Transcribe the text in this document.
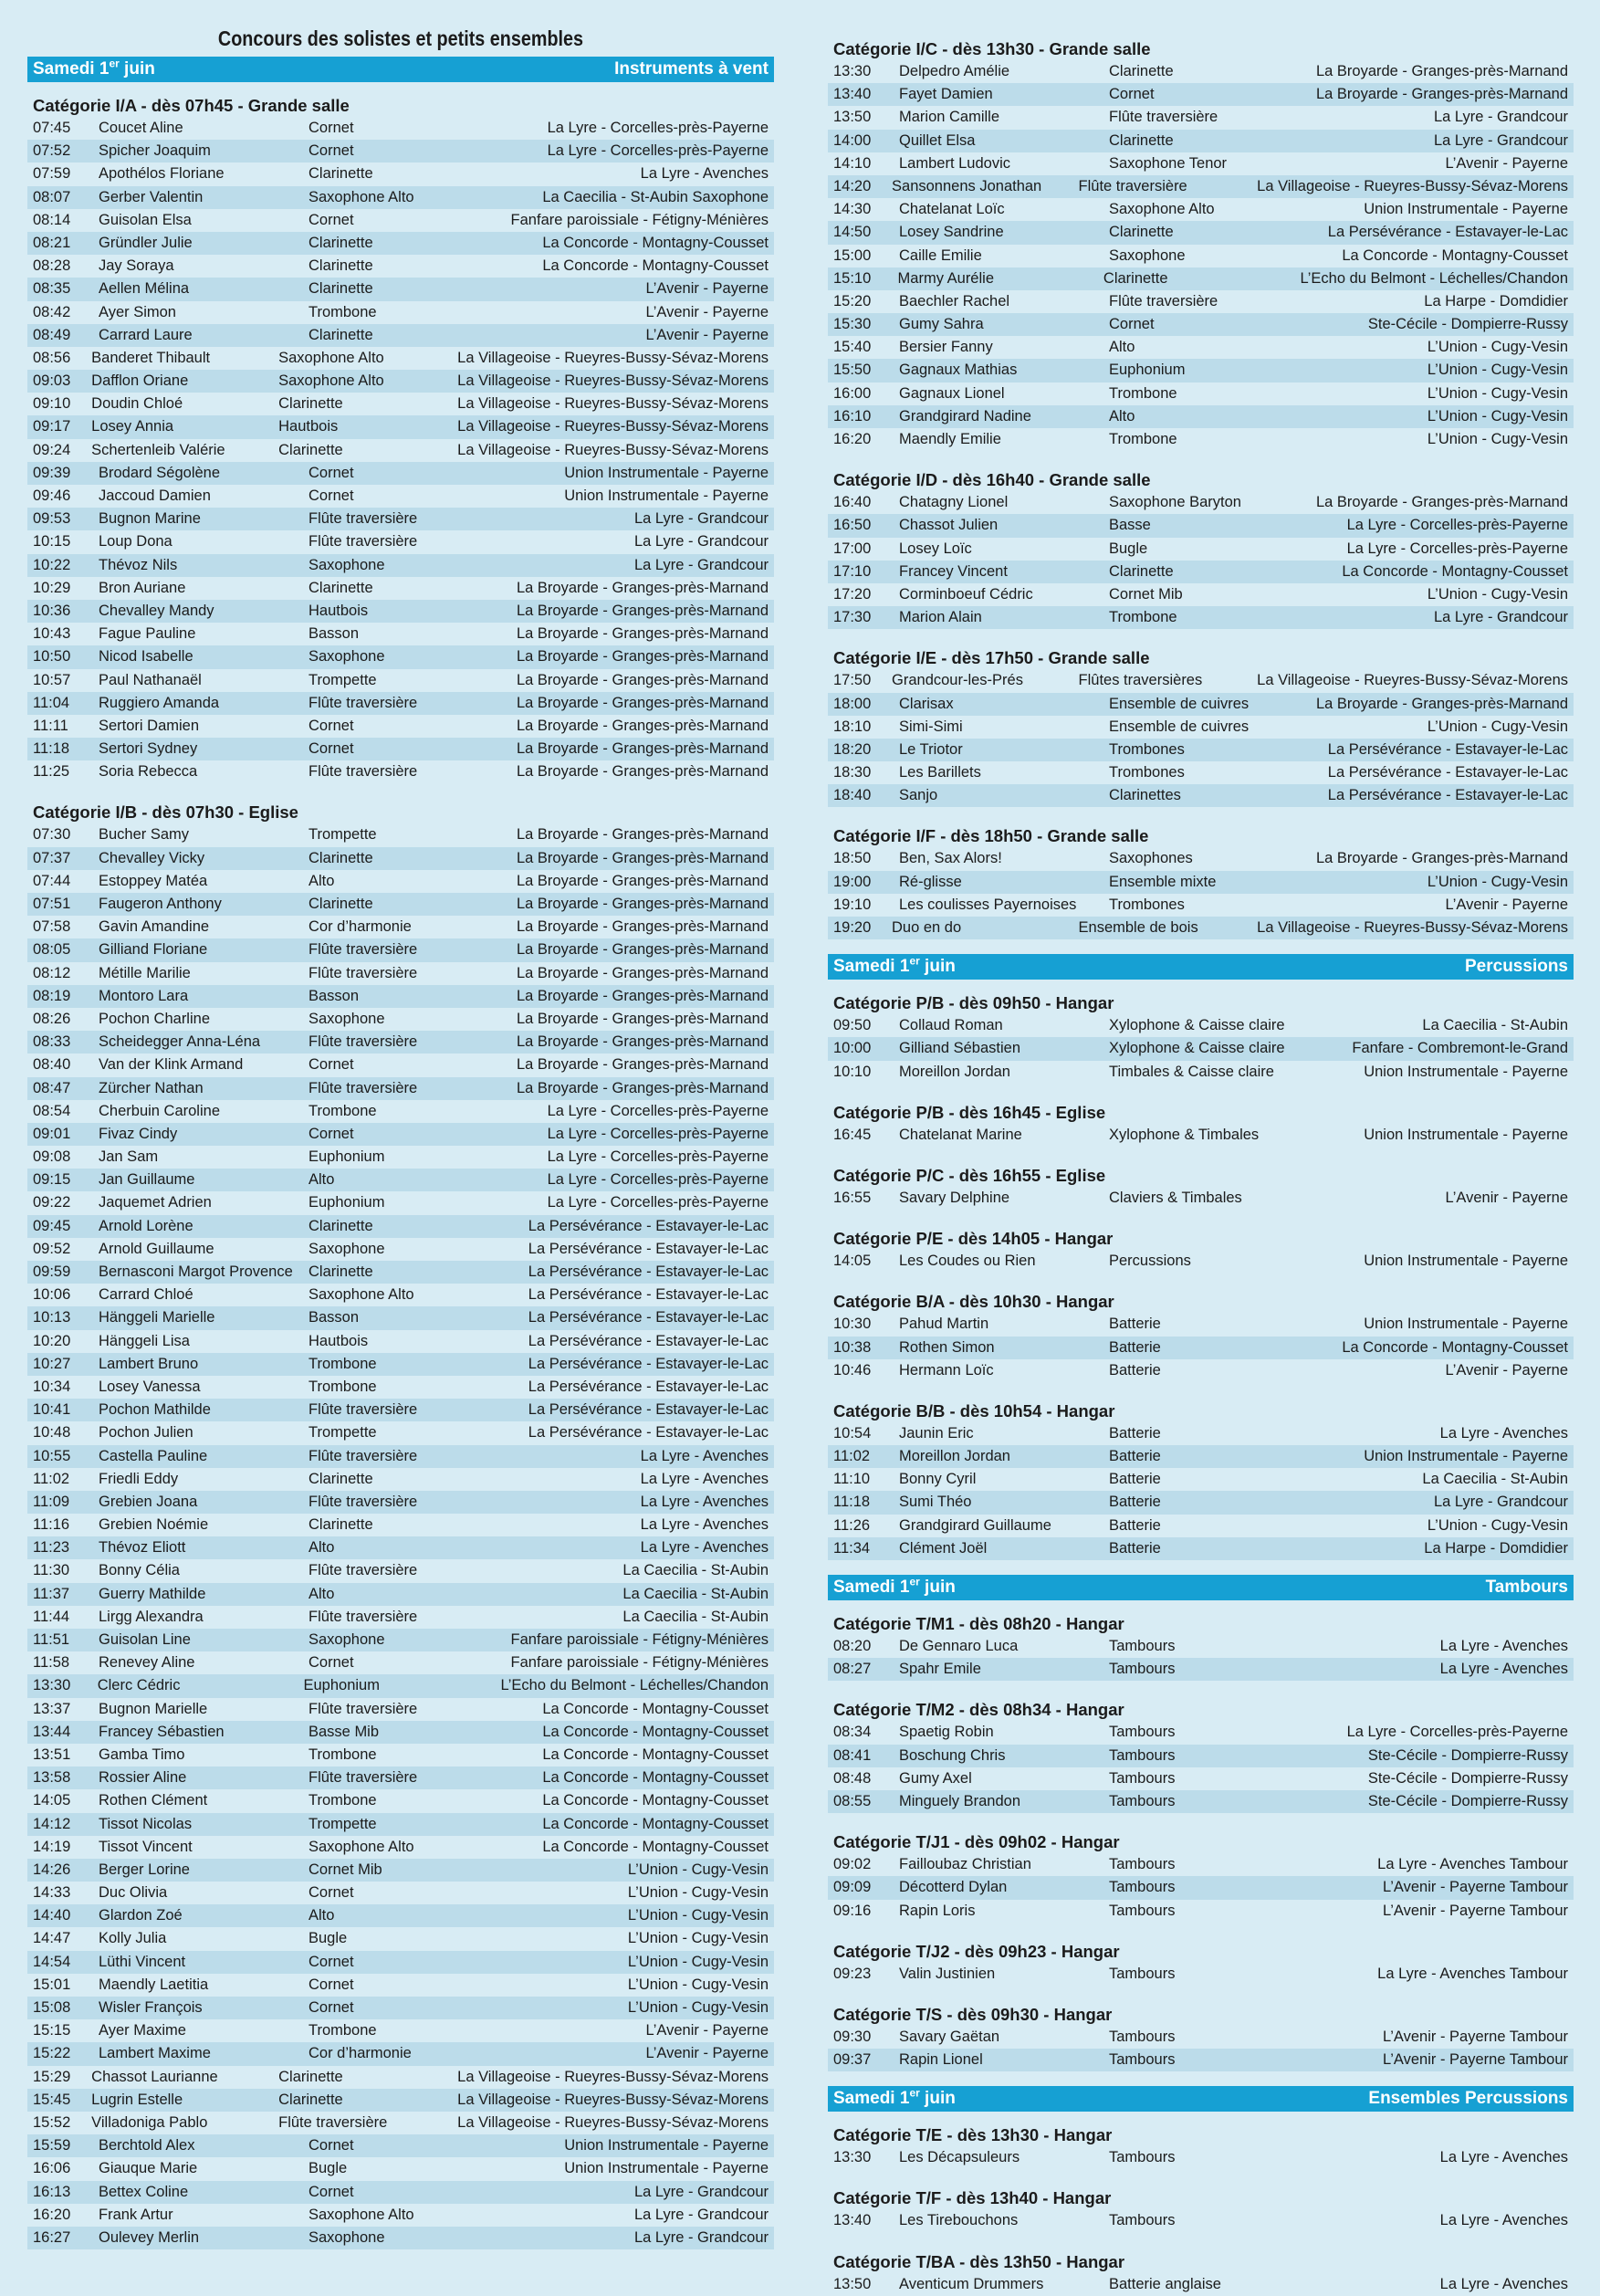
Concours des solistes et petits ensembles
Samedi 1er juin	Instruments à vent
Catégorie I/A - dès 07h45 - Grande salle
07:45	Coucet Aline	Cornet	La Lyre - Corcelles-près-Payerne
07:52	Spicher Joaquim	Cornet	La Lyre - Corcelles-près-Payerne
07:59	Apothélos Floriane	Clarinette	La Lyre - Avenches
08:07	Gerber Valentin	Saxophone Alto	La Caecilia - St-Aubin Saxophone
08:14	Guisolan Elsa	Cornet	Fanfare paroissiale - Fétigny-Ménières
08:21	Gründler Julie	Clarinette	La Concorde - Montagny-Cousset
08:28	Jay Soraya	Clarinette	La Concorde - Montagny-Cousset
08:35	Aellen Mélina	Clarinette	L’Avenir - Payerne
08:42	Ayer Simon	Trombone	L’Avenir - Payerne
08:49	Carrard Laure	Clarinette	L’Avenir - Payerne
08:56	Banderet Thibault	Saxophone Alto	La Villageoise - Rueyres-Bussy-Sévaz-Morens
09:03	Dafflon Oriane	Saxophone Alto	La Villageoise - Rueyres-Bussy-Sévaz-Morens
09:10	Doudin Chloé	Clarinette	La Villageoise - Rueyres-Bussy-Sévaz-Morens
09:17	Losey Annia	Hautbois	La Villageoise - Rueyres-Bussy-Sévaz-Morens
09:24	Schertenleib Valérie	Clarinette	La Villageoise - Rueyres-Bussy-Sévaz-Morens
09:39	Brodard Ségolène	Cornet	Union Instrumentale - Payerne
09:46	Jaccoud Damien	Cornet	Union Instrumentale - Payerne
09:53	Bugnon Marine	Flûte traversière	La Lyre - Grandcour
10:15	Loup Dona	Flûte traversière	La Lyre - Grandcour
10:22	Thévoz Nils	Saxophone	La Lyre - Grandcour
10:29	Bron Auriane	Clarinette	La Broyarde - Granges-près-Marnand
10:36	Chevalley Mandy	Hautbois	La Broyarde - Granges-près-Marnand
10:43	Fague Pauline	Basson	La Broyarde - Granges-près-Marnand
10:50	Nicod Isabelle	Saxophone	La Broyarde - Granges-près-Marnand
10:57	Paul Nathanaël	Trompette	La Broyarde - Granges-près-Marnand
11:04	Ruggiero Amanda	Flûte traversière	La Broyarde - Granges-près-Marnand
11:11	Sertori Damien	Cornet	La Broyarde - Granges-près-Marnand
11:18	Sertori Sydney	Cornet	La Broyarde - Granges-près-Marnand
11:25	Soria Rebecca	Flûte traversière	La Broyarde - Granges-près-Marnand
Catégorie I/B - dès 07h30 - Eglise
07:30	Bucher Samy	Trompette	La Broyarde - Granges-près-Marnand
07:37	Chevalley Vicky	Clarinette	La Broyarde - Granges-près-Marnand
07:44	Estoppey Matéa	Alto	La Broyarde - Granges-près-Marnand
07:51	Faugeron Anthony	Clarinette	La Broyarde - Granges-près-Marnand
07:58	Gavin Amandine	Cor d’harmonie	La Broyarde - Granges-près-Marnand
08:05	Gilliand Floriane	Flûte traversière	La Broyarde - Granges-près-Marnand
08:12	Métille Marilie	Flûte traversière	La Broyarde - Granges-près-Marnand
08:19	Montoro Lara	Basson	La Broyarde - Granges-près-Marnand
08:26	Pochon Charline	Saxophone	La Broyarde - Granges-près-Marnand
08:33	Scheidegger Anna-Léna	Flûte traversière	La Broyarde - Granges-près-Marnand
08:40	Van der Klink Armand	Cornet	La Broyarde - Granges-près-Marnand
08:47	Zürcher Nathan	Flûte traversière	La Broyarde - Granges-près-Marnand
08:54	Cherbuin Caroline	Trombone	La Lyre - Corcelles-près-Payerne
09:01	Fivaz Cindy	Cornet	La Lyre - Corcelles-près-Payerne
09:08	Jan Sam	Euphonium	La Lyre - Corcelles-près-Payerne
09:15	Jan Guillaume	Alto	La Lyre - Corcelles-près-Payerne
09:22	Jaquemet Adrien	Euphonium	La Lyre - Corcelles-près-Payerne
09:45	Arnold Lorène	Clarinette	La Persévérance - Estavayer-le-Lac
09:52	Arnold Guillaume	Saxophone	La Persévérance - Estavayer-le-Lac
09:59	Bernasconi Margot Provence	Clarinette	La Persévérance - Estavayer-le-Lac
10:06	Carrard Chloé	Saxophone Alto	La Persévérance - Estavayer-le-Lac
10:13	Hänggeli Marielle	Basson	La Persévérance - Estavayer-le-Lac
10:20	Hänggeli Lisa	Hautbois	La Persévérance - Estavayer-le-Lac
10:27	Lambert Bruno	Trombone	La Persévérance - Estavayer-le-Lac
10:34	Losey Vanessa	Trombone	La Persévérance - Estavayer-le-Lac
10:41	Pochon Mathilde	Flûte traversière	La Persévérance - Estavayer-le-Lac
10:48	Pochon Julien	Trompette	La Persévérance - Estavayer-le-Lac
10:55	Castella Pauline	Flûte traversière	La Lyre - Avenches
11:02	Friedli Eddy	Clarinette	La Lyre - Avenches
11:09	Grebien Joana	Flûte traversière	La Lyre - Avenches
11:16	Grebien Noémie	Clarinette	La Lyre - Avenches
11:23	Thévoz Eliott	Alto	La Lyre - Avenches
11:30	Bonny Célia	Flûte traversière	La Caecilia - St-Aubin
11:37	Guerry Mathilde	Alto	La Caecilia - St-Aubin
11:44	Lirgg Alexandra	Flûte traversière	La Caecilia - St-Aubin
11:51	Guisolan Line	Saxophone	Fanfare paroissiale - Fétigny-Ménières
11:58	Renevey Aline	Cornet	Fanfare paroissiale - Fétigny-Ménières
13:30	Clerc Cédric	Euphonium	L’Echo du Belmont - Léchelles/Chandon
13:37	Bugnon Marielle	Flûte traversière	La Concorde - Montagny-Cousset
13:44	Francey Sébastien	Basse Mib	La Concorde - Montagny-Cousset
13:51	Gamba Timo	Trombone	La Concorde - Montagny-Cousset
13:58	Rossier Aline	Flûte traversière	La Concorde - Montagny-Cousset
14:05	Rothen Clément	Trombone	La Concorde - Montagny-Cousset
14:12	Tissot Nicolas	Trompette	La Concorde - Montagny-Cousset
14:19	Tissot Vincent	Saxophone Alto	La Concorde - Montagny-Cousset
14:26	Berger Lorine	Cornet Mib	L’Union - Cugy-Vesin
14:33	Duc Olivia	Cornet	L’Union - Cugy-Vesin
14:40	Glardon Zoé	Alto	L’Union - Cugy-Vesin
14:47	Kolly Julia	Bugle	L’Union - Cugy-Vesin
14:54	Lüthi Vincent	Cornet	L’Union - Cugy-Vesin
15:01	Maendly Laetitia	Cornet	L’Union - Cugy-Vesin
15:08	Wisler François	Cornet	L’Union - Cugy-Vesin
15:15	Ayer Maxime	Trombone	L’Avenir - Payerne
15:22	Lambert Maxime	Cor d’harmonie	L’Avenir - Payerne
15:29	Chassot Laurianne	Clarinette	La Villageoise - Rueyres-Bussy-Sévaz-Morens
15:45	Lugrin Estelle	Clarinette	La Villageoise - Rueyres-Bussy-Sévaz-Morens
15:52	Villadoniga Pablo	Flûte traversière	La Villageoise - Rueyres-Bussy-Sévaz-Morens
15:59	Berchtold Alex	Cornet	Union Instrumentale - Payerne
16:06	Giauque Marie	Bugle	Union Instrumentale - Payerne
16:13	Bettex Coline	Cornet	La Lyre - Grandcour
16:20	Frank Artur	Saxophone Alto	La Lyre - Grandcour
16:27	Oulevey Merlin	Saxophone	La Lyre - Grandcour
Catégorie I/C - dès 13h30 - Grande salle
13:30	Delpedro Amélie	Clarinette	La Broyarde - Granges-près-Marnand
13:40	Fayet Damien	Cornet	La Broyarde - Granges-près-Marnand
13:50	Marion Camille	Flûte traversière	La Lyre - Grandcour
14:00	Quillet Elsa	Clarinette	La Lyre - Grandcour
14:10	Lambert Ludovic	Saxophone Tenor	L’Avenir - Payerne
14:20	Sansonnens Jonathan	Flûte traversière	La Villageoise - Rueyres-Bussy-Sévaz-Morens
14:30	Chatelanat Loïc	Saxophone Alto	Union Instrumentale - Payerne
14:50	Losey Sandrine	Clarinette	La Persévérance - Estavayer-le-Lac
15:00	Caille Emilie	Saxophone	La Concorde - Montagny-Cousset
15:10	Marmy Aurélie	Clarinette	L’Echo du Belmont - Léchelles/Chandon
15:20	Baechler Rachel	Flûte traversière	La Harpe - Domdidier
15:30	Gumy Sahra	Cornet	Ste-Cécile - Dompierre-Russy
15:40	Bersier Fanny	Alto	L’Union - Cugy-Vesin
15:50	Gagnaux Mathias	Euphonium	L’Union - Cugy-Vesin
16:00	Gagnaux Lionel	Trombone	L’Union - Cugy-Vesin
16:10	Grandgirard Nadine	Alto	L’Union - Cugy-Vesin
16:20	Maendly Emilie	Trombone	L’Union - Cugy-Vesin
Catégorie I/D - dès 16h40 - Grande salle
16:40	Chatagny Lionel	Saxophone Baryton	La Broyarde - Granges-près-Marnand
16:50	Chassot Julien	Basse	La Lyre - Corcelles-près-Payerne
17:00	Losey Loïc	Bugle	La Lyre - Corcelles-près-Payerne
17:10	Francey Vincent	Clarinette	La Concorde - Montagny-Cousset
17:20	Corminboeuf Cédric	Cornet Mib	L’Union - Cugy-Vesin
17:30	Marion Alain	Trombone	La Lyre - Grandcour
Catégorie I/E - dès 17h50 - Grande salle
17:50	Grandcour-les-Prés	Flûtes traversières	La Villageoise - Rueyres-Bussy-Sévaz-Morens
18:00	Clarisax	Ensemble de cuivres	La Broyarde - Granges-près-Marnand
18:10	Simi-Simi	Ensemble de cuivres	L’Union - Cugy-Vesin
18:20	Le Triotor	Trombones	La Persévérance - Estavayer-le-Lac
18:30	Les Barillets	Trombones	La Persévérance - Estavayer-le-Lac
18:40	Sanjo	Clarinettes	La Persévérance - Estavayer-le-Lac
Catégorie I/F - dès 18h50 - Grande salle
18:50	Ben, Sax Alors!	Saxophones	La Broyarde - Granges-près-Marnand
19:00	Ré-glisse	Ensemble mixte	L’Union - Cugy-Vesin
19:10	Les coulisses Payernoises	Trombones	L’Avenir - Payerne
19:20	Duo en do	Ensemble de bois	La Villageoise - Rueyres-Bussy-Sévaz-Morens
Samedi 1er juin	Percussions
Catégorie P/B - dès 09h50 - Hangar
09:50	Collaud Roman	Xylophone & Caisse claire	La Caecilia - St-Aubin
10:00	Gilliand Sébastien	Xylophone & Caisse claire	Fanfare - Combremont-le-Grand
10:10	Moreillon Jordan	Timbales & Caisse claire	Union Instrumentale - Payerne
Catégorie P/B - dès 16h45 - Eglise
16:45	Chatelanat Marine	Xylophone & Timbales	Union Instrumentale - Payerne
Catégorie P/C - dès 16h55 - Eglise
16:55	Savary Delphine	Claviers & Timbales	L’Avenir - Payerne
Catégorie P/E - dès 14h05 - Hangar
14:05	Les Coudes ou Rien	Percussions	Union Instrumentale - Payerne
Catégorie B/A - dès 10h30 - Hangar
10:30	Pahud Martin	Batterie	Union Instrumentale - Payerne
10:38	Rothen Simon	Batterie	La Concorde - Montagny-Cousset
10:46	Hermann Loïc	Batterie	L’Avenir - Payerne
Catégorie B/B - dès 10h54 - Hangar
10:54	Jaunin Eric	Batterie	La Lyre - Avenches
11:02	Moreillon Jordan	Batterie	Union Instrumentale - Payerne
11:10	Bonny Cyril	Batterie	La Caecilia - St-Aubin
11:18	Sumi Théo	Batterie	La Lyre - Grandcour
11:26	Grandgirard Guillaume	Batterie	L’Union - Cugy-Vesin
11:34	Clément Joël	Batterie	La Harpe - Domdidier
Samedi 1er juin	Tambours
Catégorie T/M1 - dès 08h20 - Hangar
08:20	De Gennaro Luca	Tambours	La Lyre - Avenches
08:27	Spahr Emile	Tambours	La Lyre - Avenches
Catégorie T/M2 - dès 08h34 - Hangar
08:34	Spaetig Robin	Tambours	La Lyre - Corcelles-près-Payerne
08:41	Boschung Chris	Tambours	Ste-Cécile - Dompierre-Russy
08:48	Gumy Axel	Tambours	Ste-Cécile - Dompierre-Russy
08:55	Minguely Brandon	Tambours	Ste-Cécile - Dompierre-Russy
Catégorie T/J1 - dès 09h02 - Hangar
09:02	Failloubaz Christian	Tambours	La Lyre - Avenches Tambour
09:09	Décotterd Dylan	Tambours	L’Avenir - Payerne Tambour
09:16	Rapin Loris	Tambours	L’Avenir - Payerne Tambour
Catégorie T/J2 - dès 09h23 - Hangar
09:23	Valin Justinien	Tambours	La Lyre - Avenches Tambour
Catégorie T/S - dès 09h30 - Hangar
09:30	Savary Gaëtan	Tambours	L’Avenir - Payerne Tambour
09:37	Rapin Lionel	Tambours	L’Avenir - Payerne Tambour
Samedi 1er juin	Ensembles Percussions
Catégorie T/E - dès 13h30 - Hangar
13:30	Les Décapsuleurs	Tambours	La Lyre - Avenches
Catégorie T/F - dès 13h40 - Hangar
13:40	Les Tirebouchons	Tambours	La Lyre - Avenches
Catégorie T/BA - dès 13h50 - Hangar
13:50	Aventicum Drummers	Batterie anglaise	La Lyre - Avenches
